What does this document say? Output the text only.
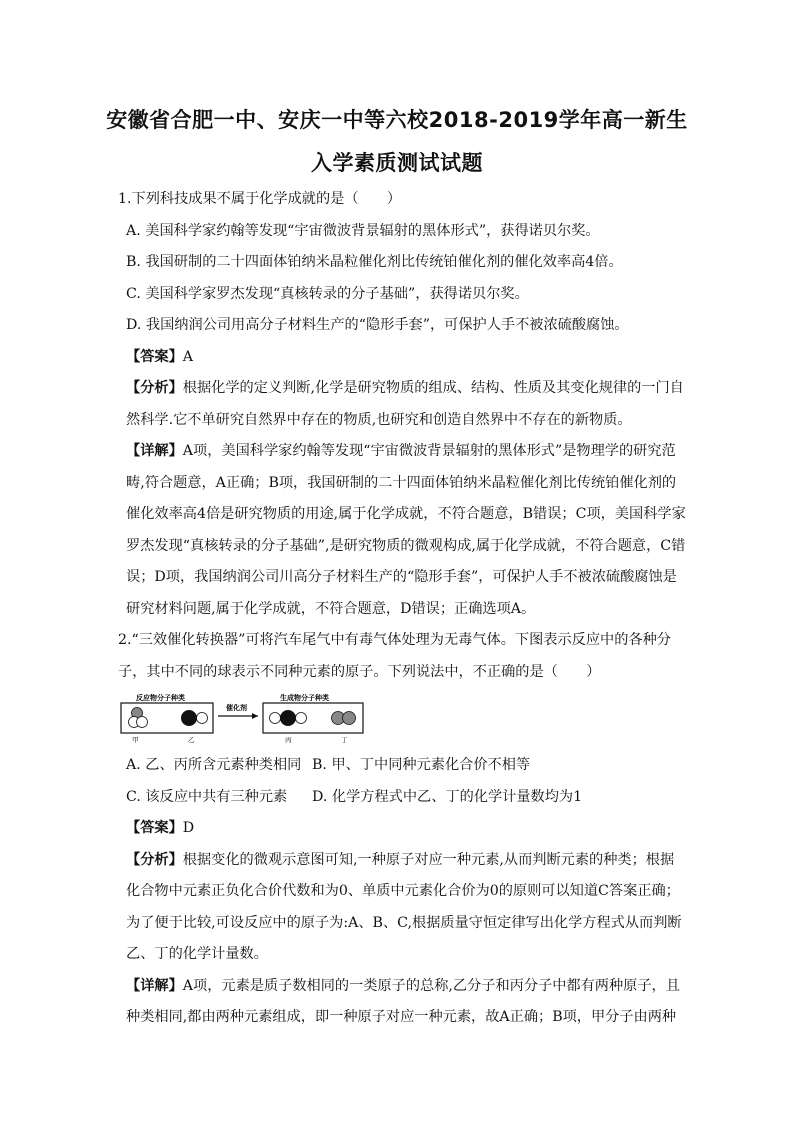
安徽省合肥一中、安庆一中等六校2018-2019学年高一新生
入学素质测试试题

1.下列科技成果不属于化学成就的是（　　）

A. 美国科学家约翰等发现“宇宙微波背景辐射的黑体形式”，获得诺贝尔奖。

B. 我国研制的二十四面体铂纳米晶粒催化剂比传统铂催化剂的催化效率高4倍。

C. 美国科学家罗杰发现“真核转录的分子基础”，获得诺贝尔奖。

D. 我国纳润公司用高分子材料生产的“隐形手套”，可保护人手不被浓硫酸腐蚀。

【答案】A

【分析】根据化学的定义判断,化学是研究物质的组成、结构、性质及其变化规律的一门自然科学.它不单研究自然界中存在的物质,也研究和创造自然界中不存在的新物质。

【详解】A项，美国科学家约翰等发现“宇宙微波背景辐射的黑体形式”是物理学的研究范畴,符合题意，A正确；B项，我国研制的二十四面体铂纳米晶粒催化剂比传统铂催化剂的催化效率高4倍是研究物质的用途,属于化学成就，不符合题意，B错误；C项，美国科学家罗杰发现“真核转录的分子基础”,是研究物质的微观构成,属于化学成就，不符合题意，C错误；D项，我国纳润公司川高分子材料生产的“隐形手套”，可保护人手不被浓硫酸腐蚀是研究材料问题,属于化学成就，不符合题意，D错误；正确选项A。

2.“三效催化转换器”可将汽车尾气中有毒气体处理为无毒气体。下图表示反应中的各种分子，其中不同的球表示不同种元素的原子。下列说法中，不正确的是（　　）

反应物分子种类	生成物分子种类
催化剂
甲	乙	丙	丁

A. 乙、丙所含元素种类相同 B. 甲、丁中同种元素化合价不相等

C. 该反应中共有三种元素	D. 化学方程式中乙、丁的化学计量数均为1

【答案】D

【分析】根据变化的微观示意图可知,一种原子对应一种元素,从而判断元素的种类；根据化合物中元素正负化合价代数和为0、单质中元素化合价为0的原则可以知道C答案正确；为了便于比较,可设反应中的原子为:A、B、C,根据质量守恒定律写出化学方程式从而判断乙、丁的化学计量数。

【详解】A项，元素是质子数相同的一类原子的总称,乙分子和丙分子中都有两种原子，且种类相同,都由两种元素组成，即一种原子对应一种元素，故A正确；B项，甲分子由两种
